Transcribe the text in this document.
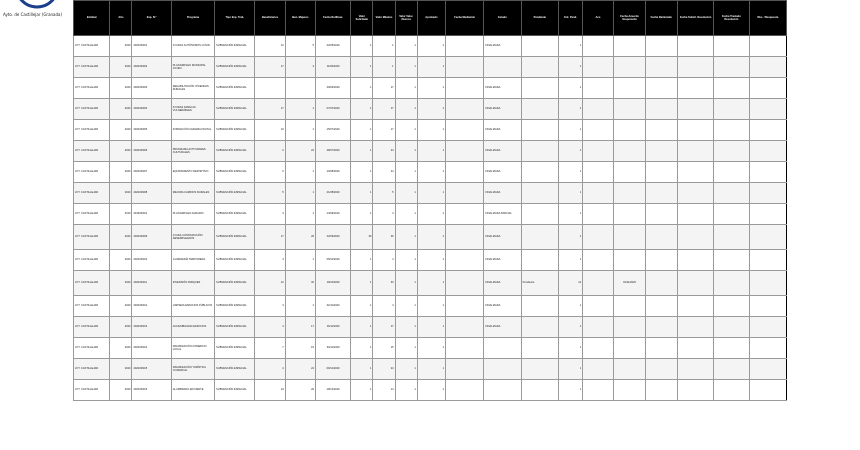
Ayto. de Castillejar (Granada)
Entidad	Año	Exp. N.º	Programa	Tipo Exp. Trab.	Beneficiarios	Ben. Mujeres	Fecha Notificac.	Valor Solicitado	Valor Máximo	Valor Valor. Nuevos	Aprobado	Fecha Mediación	Estado	Pendiente	Ent. Pend.	Acc.	Fecha Acuerdo Suspensión	Fecha Reiniciado	Fecha Solicit. Resolución	Fecha Traslado Resolución	Obs. / Respuesta
AYT. CASTILLEJAR	2020	2020/00001	AYUDAS AUTÓNOMOS COVID	SUBVENCIÓN ESPECIAL	12	5	22/05/2020	1	1	1	1		FINALIZADA		1						
AYT. CASTILLEJAR	2020	2020/00002	PLAN EMPLEO MUNICIPAL JOVEN	SUBVENCIÓN ESPECIAL	17	4	11/06/2020	1	1	1	1				1						
AYT. CASTILLEJAR	2020	2020/00003	REHABILITACIÓN VIVIENDAS RURALES	SUBVENCIÓN ESPECIAL			29/06/2020	1	17	1	1		FINALIZADA		1						
AYT. CASTILLEJAR	2020	2020/00004	AYUDAS FAMILIAS VULNERABLES	SUBVENCIÓN ESPECIAL	17	1	07/07/2020	1	17	1	1		FINALIZADA		1						
AYT. CASTILLEJAR	2020	2020/00005	FORMACIÓN AGRARIA DIGITAL	SUBVENCIÓN ESPECIAL	10	1	15/07/2020	1	17	1	1		FINALIZADA		1						
AYT. CASTILLEJAR	2020	2020/00006	PROGRAMA ACTIVIDADES CULTURALES	SUBVENCIÓN ESPECIAL	2	24	28/07/2020	1	24	1	1		FINALIZADA		1						
AYT. CASTILLEJAR	2020	2020/00007	EQUIPAMIENTO DEPORTIVO	SUBVENCIÓN ESPECIAL	6	1	10/08/2020	1	24	1	1		FINALIZADA		1						
AYT. CASTILLEJAR	2020	2020/00008	MEJORA CAMINOS RURALES	SUBVENCIÓN ESPECIAL	5	1	21/08/2020	1	5	1	1		FINALIZADA		1						
AYT. CASTILLEJAR	2019	2019/00021	PLAN EMPLEO AGRARIO	SUBVENCIÓN ESPECIAL	4	1	14/09/2019	1	4	1	1		FINALIZADA PARCIAL		1						
AYT. CASTILLEJAR	2020	2020/00009	AYUDA CONTRATACIÓN DESEMPLEADOS	SUBVENCIÓN ESPECIAL	17	26	22/09/2020	26	26	1	1		FINALIZADA		1						
AYT. CASTILLEJAR	2020	2020/00010	GUARDERÍA TEMPORERA	SUBVENCIÓN ESPECIAL	4	1	05/10/2020	1	4	1	1		FINALIZADA		1						
AYT. CASTILLEJAR	2020	2020/00011	INVERSIÓN PARQUES	SUBVENCIÓN ESPECIAL	12	32	19/10/2020	1	33	1	1		FINALIZADA	Pendiente	12		02/11/2020				
AYT. CASTILLEJAR	2020	2020/00012	LIMPIEZA ESPACIOS PÚBLICOS	SUBVENCIÓN ESPECIAL	4	1	02/11/2020	1	4	1	1		FINALIZADA		1						
AYT. CASTILLEJAR	2020	2020/00013	ACCESIBILIDAD EDIFICIOS	SUBVENCIÓN ESPECIAL	4	17	16/11/2020	1	17	1	1		FINALIZADA		1						
AYT. CASTILLEJAR	2020	2020/00014	DINAMIZACIÓN COMERCIO LOCAL	SUBVENCIÓN ESPECIAL	7	15	30/11/2020	1	15	1	1				1						
AYT. CASTILLEJAR	2020	2020/00015	DINAMIZACIÓN TURÍSTICA COMARCAL	SUBVENCIÓN ESPECIAL	4	24	09/12/2020	1	24	1	1				1						
AYT. CASTILLEJAR	2020	2020/00016	ALUMBRADO EFICIENTE	SUBVENCIÓN ESPECIAL	24	29	18/12/2020	1	14	1	1				1						
